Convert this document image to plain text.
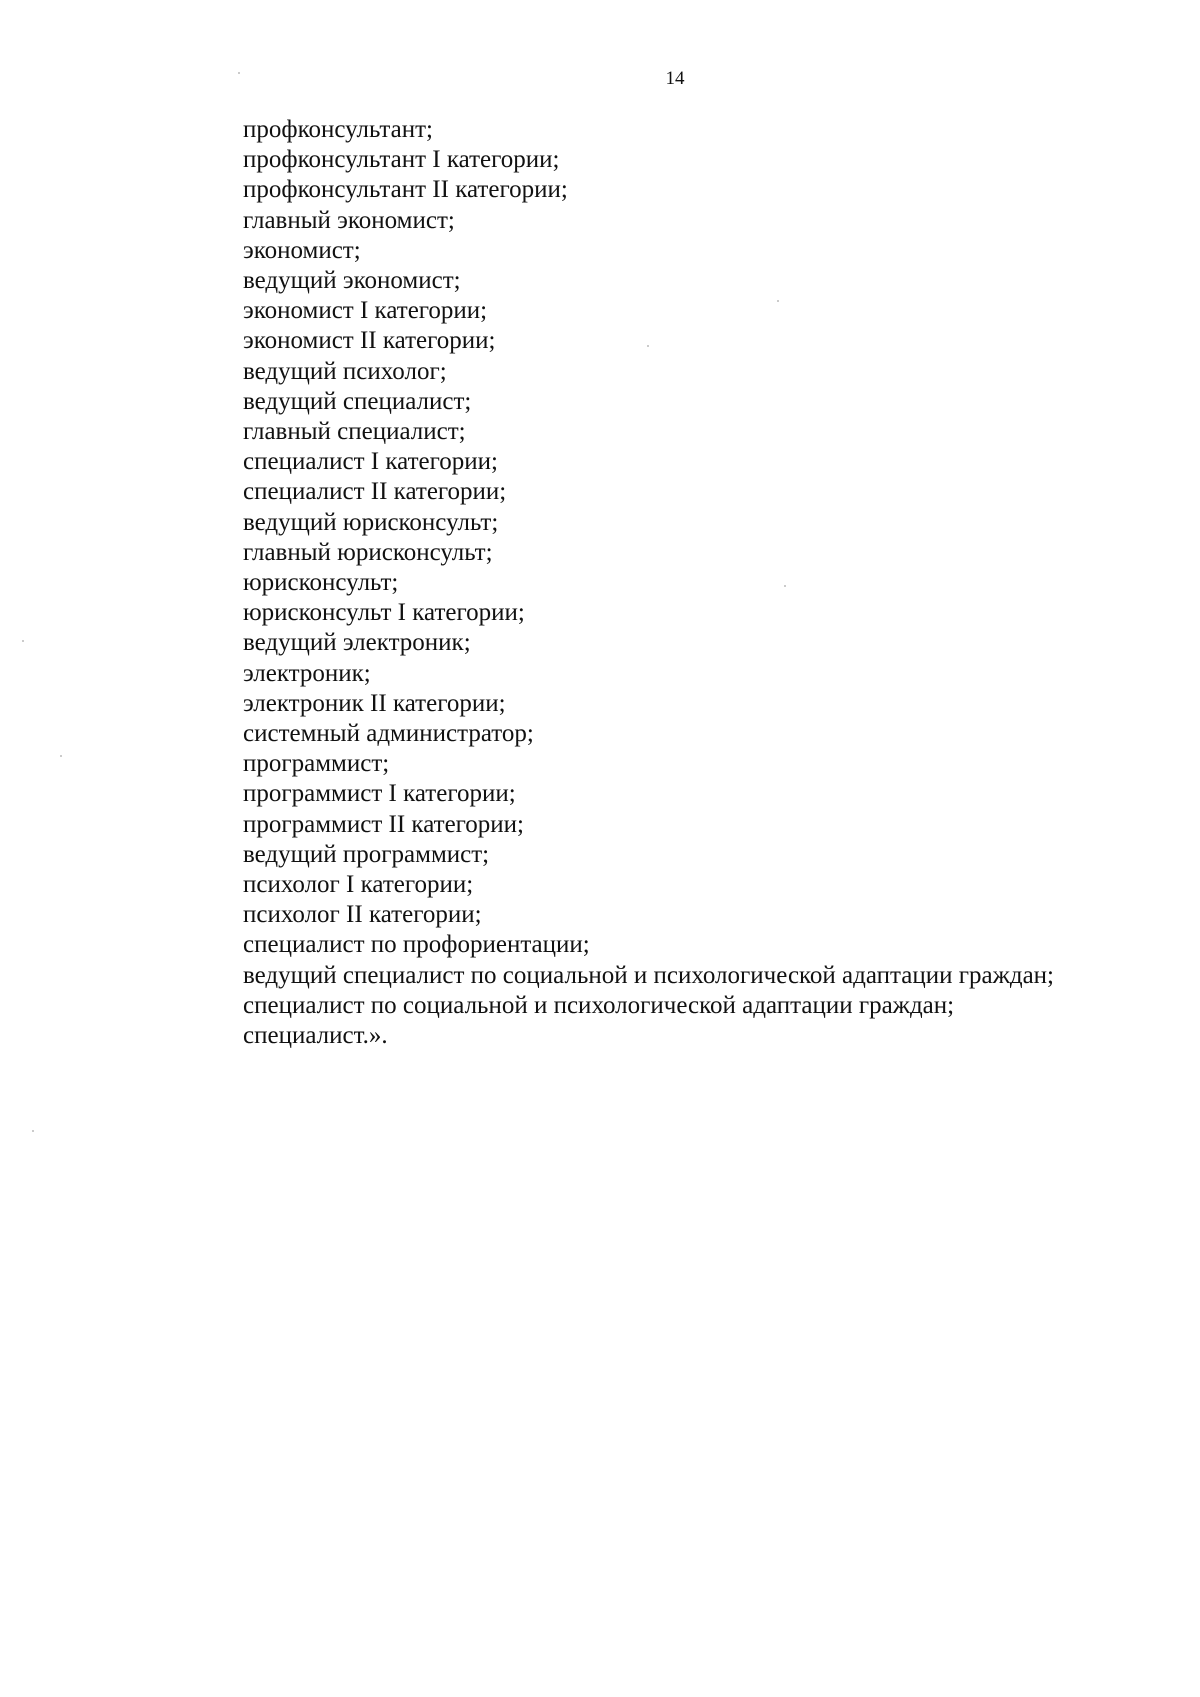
14
профконсультант;
профконсультант I категории;
профконсультант II категории;
главный экономист;
экономист;
ведущий экономист;
экономист I категории;
экономист II категории;
ведущий психолог;
ведущий специалист;
главный специалист;
специалист I категории;
специалист II категории;
ведущий юрисконсульт;
главный юрисконсульт;
юрисконсульт;
юрисконсульт I категории;
ведущий электроник;
электроник;
электроник II категории;
системный администратор;
программист;
программист I категории;
программист II категории;
ведущий программист;
психолог I категории;
психолог II категории;
специалист по профориентации;
ведущий специалист по социальной и психологической адаптации граждан;
специалист по социальной и психологической адаптации граждан;
специалист.».
